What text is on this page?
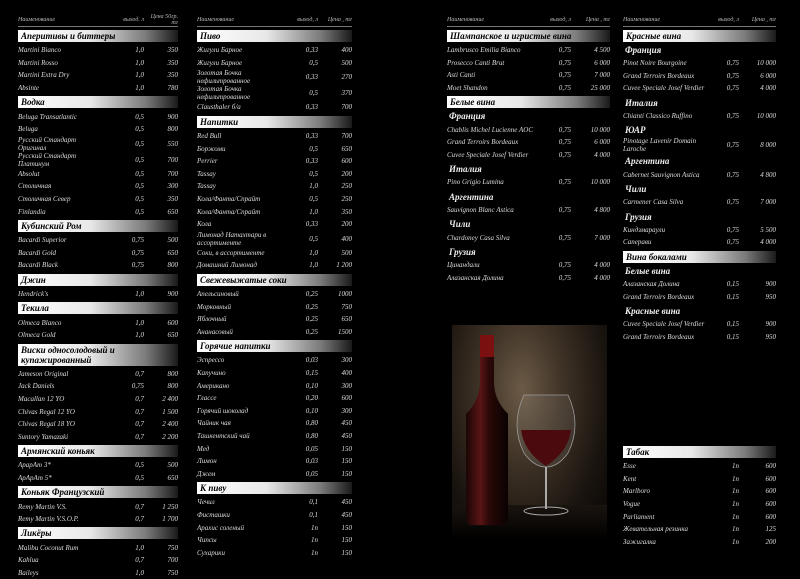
Наименование	выход. л	Цена 50гр. тг
Аперитивы и биттеры
Martini Bianco	1,0	350
Martini Rosso	1,0	350
Martini Extra Dry	1,0	350
Absinte	1,0	780
Водка
Beluga Transatlantic	0,5	900
Beluga	0,5	800
Русский Стандарт Оригинал	0,5	550
Русский Стандарт Платинум	0,5	700
Absolut	0,5	700
Столичная	0,5	300
Столичная Север	0,5	350
Finlandia	0,5	650
Кубинский Ром
Bacardi Superior	0,75	500
Bacardi Gold	0,75	650
Bacardi Black	0,75	800
Джин
Hendrick's	1,0	900
Текила
Olmeca Blanco	1,0	600
Olmeca Gold	1,0	650
Виски односолодовый и купажированный
Jameson Original	0,7	800
Jack Daniels	0,75	800
Macallan 12 YO	0,7	2 400
Chivas Regal 12 YO	0,7	1 500
Chivas Regal 18 YO	0,7	2 400
Suntory Yamazaki	0,7	2 200
Армянский коньяк
АрарАт 3*	0,5	500
АрАрАт 5*	0,5	650
Коньяк Французский
Remy Martin V.S.	0,7	1 250
Remy Martin V.S.O.P.	0,7	1 700
Ликёры
Malibu Coconut Rum	1,0	750
Kahlua	0,7	700
Baileys	1,0	750
Наименование	выход, л	Цена , тг
Пиво
Жигули Барное	0,33	400
Жигули Барное	0,5	500
Золотая Бочка нефильтрованное	0,33	270
Золотая Бочка нефильтрованное	0,5	370
Clausthaler б/а	0,33	700
Напитки
Red Bull	0,33	700
Боржоми	0,5	650
Perrier	0,33	600
Tassay	0,5	200
Tassay	1,0	250
Кола/Фанта/Спрайт	0,5	250
Кола/Фанта/Спрайт	1,0	350
Кола	0,33	200
Лимонад Натахтари в ассортименте	0,5	400
Соки, в ассортименте	1,0	500
Домашний Лимонад	1,0	1 200
Свежевыжатые соки
Апельсиновый	0,25	1000
Морковный	0,25	750
Яблочный	0,25	650
Ананасовый	0,25	1500
Горячие напитки
Эспрессо	0,03	300
Капучино	0,15	400
Американо	0,10	300
Глассе	0,20	600
Горячий шоколад	0,10	300
Чайник чая	0,80	450
Ташкентский чай	0,80	450
Мед	0,05	150
Лимон	0,03	150
Джем	0,05	150
К пиву
Чечил	0,1	450
Фисташки	0,1	450
Арахис соленый	1п	150
Чипсы	1п	150
Сухарики	1п	150
Наименование	выход, л	Цена , тг
Шампанское и игристые вина
Lambrusco Emilia Bianco	0,75	4 500
Prosecco Canti Brut	0,75	6 000
Asti Canti	0,75	7 000
Moet Shandon	0,75	25 000
Белые вина
Франция
Chablis Michel Lucienne AOC	0,75	10 000
Grand Terroirs Bordeaux	0,75	6 000
Cuvee Speciale Josef Verdier	0,75	4 000
Италия
Pino Grigio Lumina	0,75	10 000
Аргентина
Sauvignon Blanc Astica	0,75	4 800
Чили
Chardoney Casa Silva	0,75	7 000
Грузия
Цинандали	0,75	4 000
Алазанская Долина	0,75	4 000
Наименование	выход, л	Цена , тг
Красные вина
Франция
Pinot Noire Bourgoine	0,75	10 000
Grand Terroirs Bordeaux	0,75	6 000
Cuvee Speciale Josef Verdier	0,75	4 000
Италия
Chianti Classico Ruffino	0,75	10 000
ЮАР
Pinotage Lavenir Domain Laroche	0,75	8 000
Аргентина
Cabernet Sauvignon Astica	0,75	4 800
Чили
Carmener Casa Silva	0,75	7 000
Грузия
Киндзмараули	0,75	5 500
Саперави	0,75	4 000
Вина бокалами
Белые вина
Алазанская Долина	0,15	900
Grand Terroirs Bordeaux	0,15	950
Красные вина
Cuvee Speciale Josef Verdier	0,15	900
Grand Terroirs Bordeaux	0,15	950
Табак
Esse	1п	600
Kent	1п	600
Marlboro	1п	600
Vogue	1п	600
Parliament	1п	600
Жевательная резинка	1п	125
Зажигалка	1п	200
